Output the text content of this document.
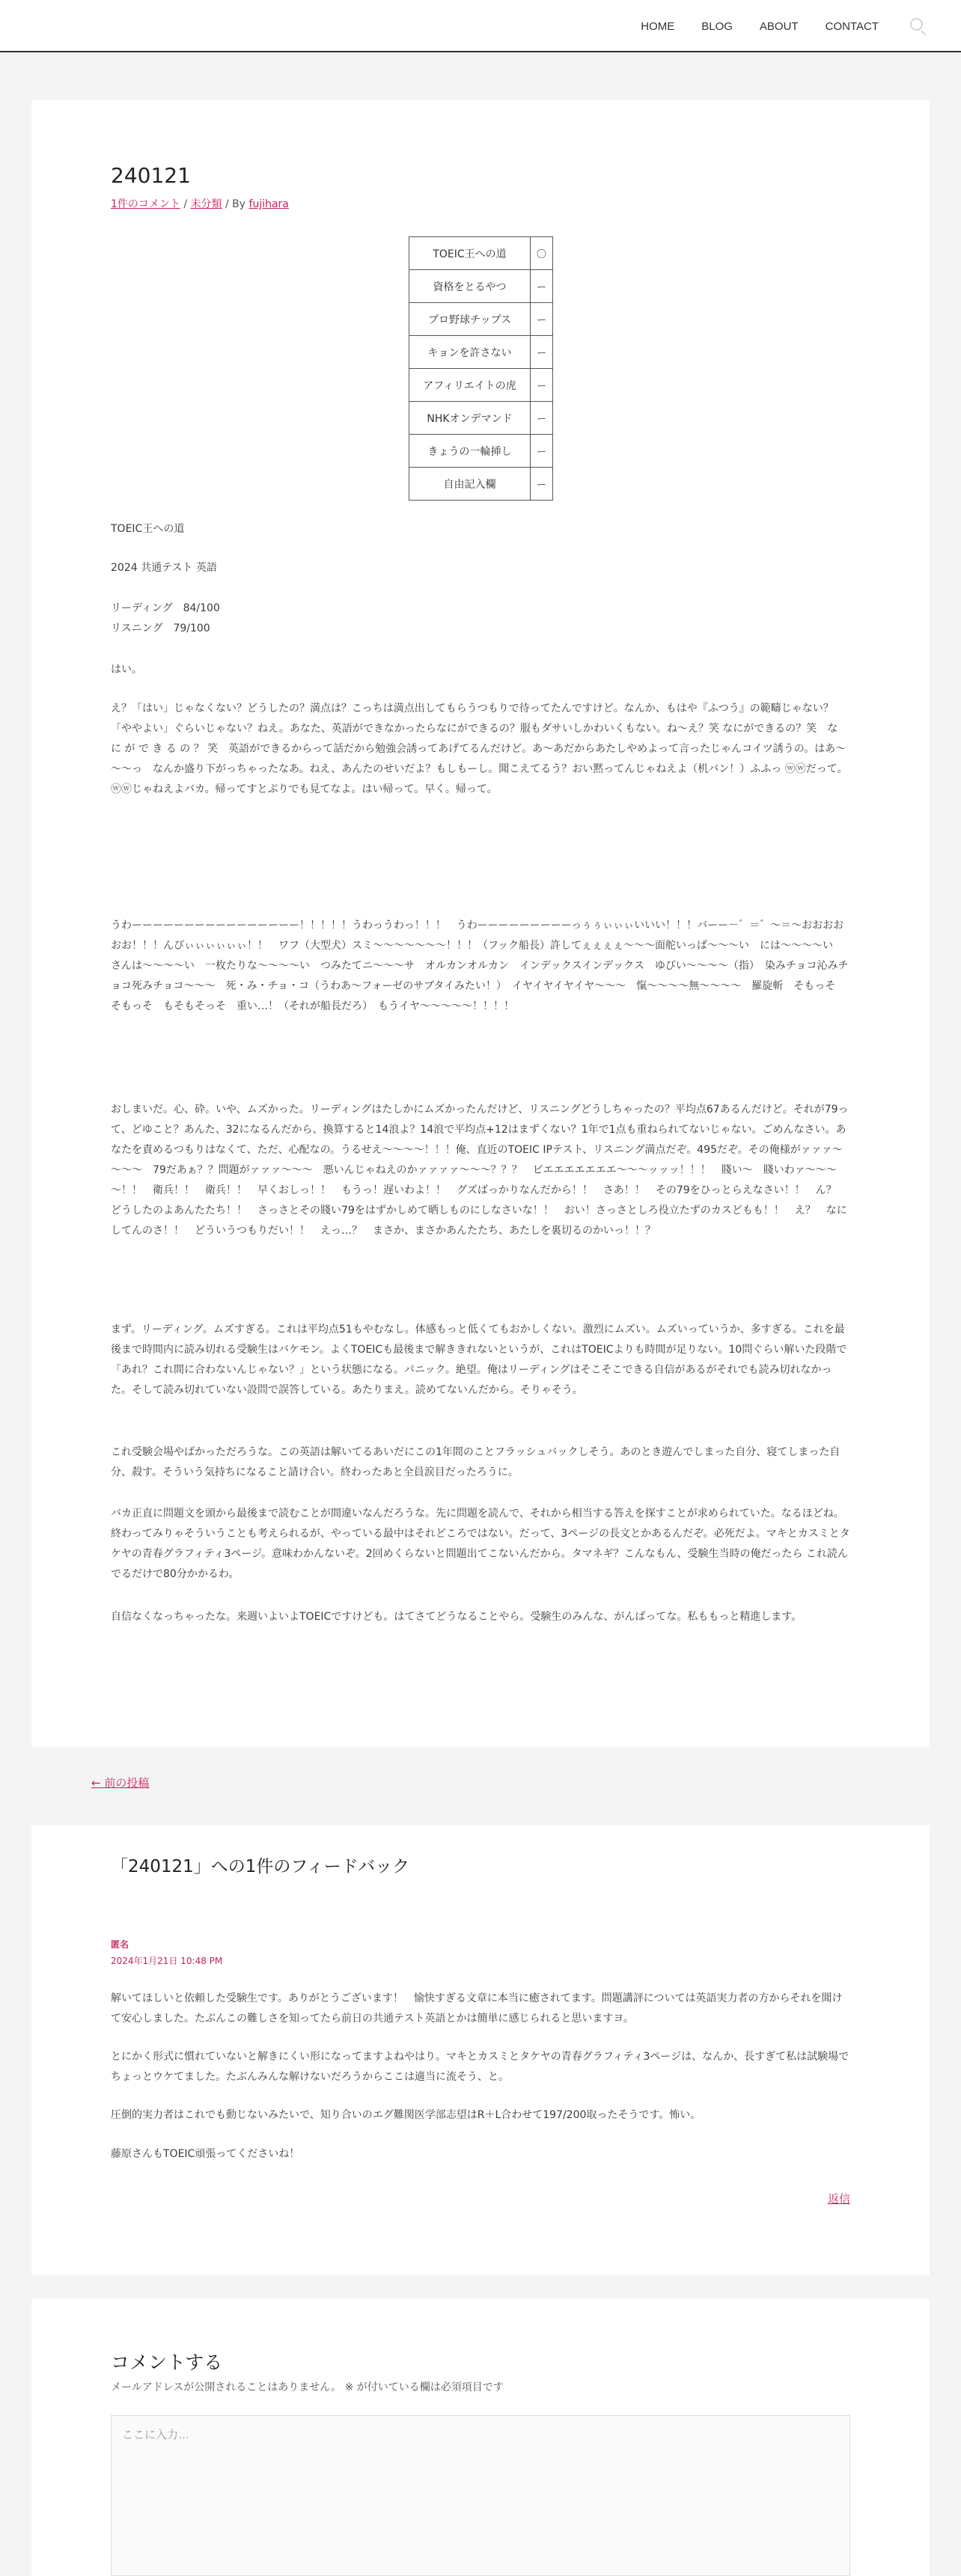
HOME BLOG ABOUT CONTACT
240121
1件のコメント / 未分類 / By fujihara
TOEIC王への道	〇
資格をとるやつ	ー
プロ野球チップス	ー
キョンを許さない	ー
アフィリエイトの虎	ー
NHKオンデマンド	ー
きょうの一輪挿し	ー
自由記入欄	ー

TOEIC王への道

2024 共通テスト 英語

リーディング　84/100

リスニング　79/100

はい。

え？「はい」じゃなくない？どうしたの？満点は？こっちは満点出してもらうつもりで待ってたんですけど。なんか、もはや『ふつう』の範疇じゃない？「ややよい」ぐらいじゃない？ねえ。あなた、英語ができなかったらなにができるの？服もダサいしかわいくもない。ね～え？笑 なにができるの？笑　な に が で き る の ？ 笑　英語ができるからって話だから勉強会誘ってあげてるんだけど。あ～あだからあたしやめよって言ったじゃんコイツ誘うの。はあ～～～っ　なんか盛り下がっちゃったなあ。ねえ、あんたのせいだよ？もしもーし。聞こえてるう？おい黙ってんじゃねえよ（机バン！）ふふっ ⓦⓦだって。ⓦⓦじゃねえよバカ。帰ってすとぷりでも見てなよ。はい帰って。早く。帰って。

うわーーーーーーーーーーーーーーーー！！！！！うわっうわっ！！！　うわーーーーーーーーーっぅぅぃぃぃいいい！！！バーー－゛＝゛～＝～おおおおおお！！！んぴぃぃぃぃぃぃ！！　ワフ（大型犬）スミ～～～～～～～！！！（フック船長）許してぇぇぇぇ～～～面舵いっぱ～～～い　には～～～～い　さんは～～～～い　一枚たりな～～～～い　つみたてニ～～～サ　オルカンオルカン　インデックスインデックス　ゆびい～～～～（指）　染みチョコ沁みチョコ死みチョコ～～～　死・み・チョ・コ（うわあ～フォーゼのサブタイみたい！）　イヤイヤイヤイヤ～～～　愾～～～～無～～～～　羅旋斬　そもっそ　そもっそ　もそもそっそ　重い…！（それが船長だろ）　もうイヤ～～～～～！！！！

おしまいだ。心、砕。いや、ムズかった。リーディングはたしかにムズかったんだけど、リスニングどうしちゃったの？平均点67あるんだけど。それが79って、どゆこと？あんた、32になるんだから、換算すると14浪よ？14浪で平均点+12はまずくない？1年で1点も重ねられてないじゃない。ごめんなさい。あなたを責めるつもりはなくて、ただ、心配なの。うるせえ～～～～！！！俺、直近のTOEIC IPテスト、リスニング満点だぞ。495だぞ。その俺様がァァァ～～～～　79だあぁ？？問題がァァァ～～～　悪いんじゃねえのかァァァァ～～～？？？　ピエエエエエエエ～～～ッッッ！！！　賤い～　賤いわァ～～～～！！　衛兵！！　衛兵！！　早くおしっ！！　もうっ！遅いわよ！！　グズばっかりなんだから！！　さあ！！　その79をひっとらえなさい！！　ん？　どうしたのよあんたたち！！　さっさとその賤い79をはずかしめて晒しものにしなさいな！！　おい！さっさとしろ役立たずのカスどもも！！　え？　なにしてんのさ！！　どういうつもりだい！！　えっ…？　まさか、まさかあんたたち、あたしを裏切るのかいっ！！？

まず。リーディング。ムズすぎる。これは平均点51もやむなし。体感もっと低くてもおかしくない。激烈にムズい。ムズいっていうか、多すぎる。これを最後まで時間内に読み切れる受験生はバケモン。よくTOEICも最後まで解ききれないというが、これはTOEICよりも時間が足りない。10問ぐらい解いた段階で「あれ？これ間に合わないんじゃない？」という状態になる。パニック。絶望。俺はリーディングはそこそこできる自信があるがそれでも読み切れなかった。そして読み切れていない設問で誤答している。あたりまえ。読めてないんだから。そりゃそう。

これ受験会場やばかっただろうな。この英語は解いてるあいだにこの1年間のことフラッシュバックしそう。あのとき遊んでしまった自分、寝てしまった自分、殺す。そういう気持ちになること請け合い。終わったあと全員涙目だったろうに。

バカ正直に問題文を頭から最後まで読むことが間違いなんだろうな。先に問題を読んで、それから相当する答えを探すことが求められていた。なるほどね。終わってみりゃそういうことも考えられるが、やっている最中はそれどころではない。だって、3ページの長文とかあるんだぞ。必死だよ。マキとカスミとタケヤの青春グラフィティ3ページ。意味わかんないぞ。2回めくらないと問題出てこないんだから。タマネギ？こんなもん、受験生当時の俺だったら これ読んでるだけで80分かかるわ。

自信なくなっちゃったな。来週いよいよTOEICですけども。はてさてどうなることやら。受験生のみんな、がんばってな。私ももっと精進します。

← 前の投稿
「240121」への1件のフィードバック
匿名
2024年1月21日 10:48 PM

解いてほしいと依頼した受験生です。ありがとうございます！　愉快すぎる文章に本当に癒されてます。問題講評については英語実力者の方からそれを聞けて安心しました。たぶんこの難しさを知ってたら前日の共通テスト英語とかは簡単に感じられると思いますヨ。

とにかく形式に慣れていないと解きにくい形になってますよねやはり。マキとカスミとタケヤの青春グラフィティ3ページは、なんか、長すぎて私は試験場でちょっとウケてました。たぶんみんな解けないだろうからここは適当に流そう、と。

圧倒的実力者はこれでも動じないみたいで、知り合いのエグ難関医学部志望はR＋L合わせて197/200取ったそうです。怖い。

藤原さんもTOEIC頑張ってくださいね！

返信
コメントする

メールアドレスが公開されることはありません。 ※ が付いている欄は必須項目です

ここに入力…
